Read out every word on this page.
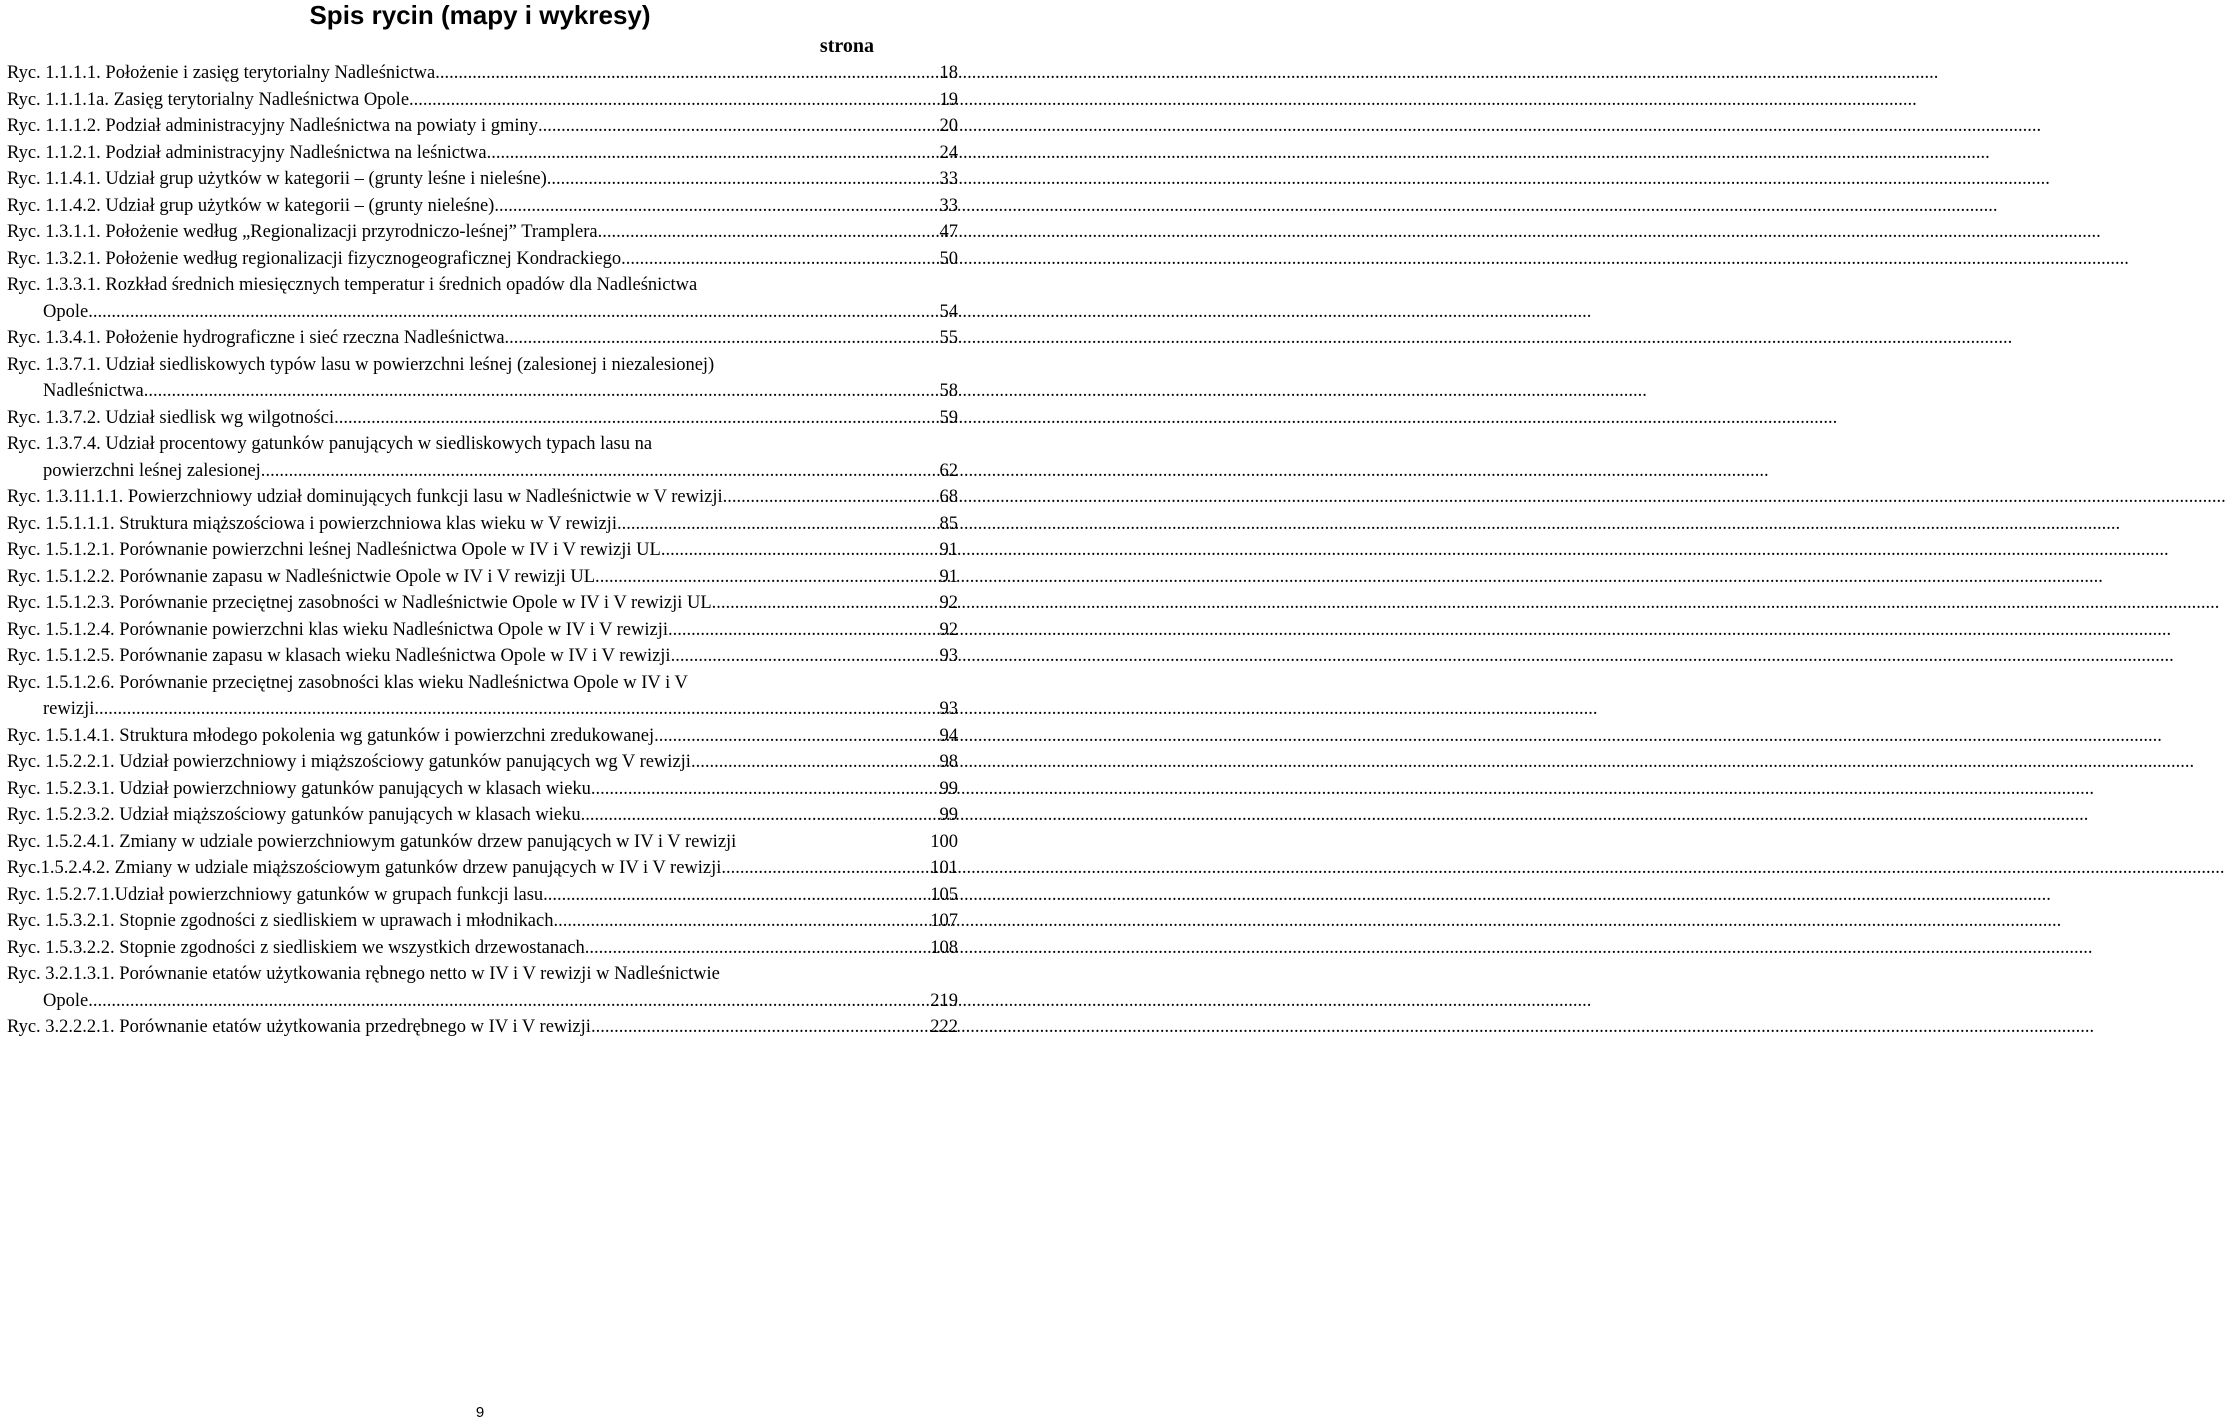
Spis rycin (mapy i wykresy)
strona
Ryc. 1.1.1.1. Położenie i zasięg terytorialny Nadleśnictwa .....	18
Ryc. 1.1.1.1a. Zasięg terytorialny Nadleśnictwa Opole. .....	19
Ryc. 1.1.1.2. Podział administracyjny Nadleśnictwa na powiaty i gminy .....	20
Ryc. 1.1.2.1. Podział administracyjny Nadleśnictwa na leśnictwa .....	24
Ryc. 1.1.4.1. Udział grup użytków w kategorii – (grunty leśne i nieleśne) .....	33
Ryc. 1.1.4.2. Udział grup użytków w kategorii – (grunty nieleśne) .....	33
Ryc. 1.3.1.1. Położenie według „Regionalizacji przyrodniczo-leśnej” Tramplera .....	47
Ryc. 1.3.2.1. Położenie według regionalizacji fizycznogeograficznej Kondrackiego. .....	50
Ryc. 1.3.3.1. Rozkład średnich miesięcznych temperatur i średnich opadów dla Nadleśnictwa
Opole .....	54
Ryc. 1.3.4.1. Położenie hydrograficzne i sieć rzeczna Nadleśnictwa. .....	55
Ryc. 1.3.7.1. Udział siedliskowych typów lasu w powierzchni leśnej (zalesionej i niezalesionej)
Nadleśnictwa .....	58
Ryc. 1.3.7.2. Udział siedlisk wg wilgotności .....	59
Ryc. 1.3.7.4. Udział procentowy gatunków panujących w siedliskowych typach lasu na
powierzchni leśnej zalesionej. .....	62
Ryc. 1.3.11.1.1. Powierzchniowy udział dominujących funkcji lasu w Nadleśnictwie w V rewizji .....	68
Ryc. 1.5.1.1.1. Struktura miąższościowa i powierzchniowa klas wieku w V rewizji .....	85
Ryc. 1.5.1.2.1. Porównanie powierzchni leśnej Nadleśnictwa Opole w IV i V rewizji UL. .....	91
Ryc. 1.5.1.2.2. Porównanie zapasu w Nadleśnictwie Opole w IV i V rewizji UL. .....	91
Ryc. 1.5.1.2.3. Porównanie przeciętnej zasobności w Nadleśnictwie Opole w IV i V rewizji UL. .....	92
Ryc. 1.5.1.2.4. Porównanie powierzchni klas wieku Nadleśnictwa Opole w IV i V rewizji .....	92
Ryc. 1.5.1.2.5. Porównanie zapasu w klasach wieku Nadleśnictwa Opole w IV i V rewizji .....	93
Ryc. 1.5.1.2.6. Porównanie przeciętnej zasobności klas wieku Nadleśnictwa Opole w IV i V
rewizji .....	93
Ryc. 1.5.1.4.1. Struktura młodego pokolenia wg gatunków i powierzchni zredukowanej. .....	94
Ryc. 1.5.2.2.1. Udział powierzchniowy i miąższościowy gatunków panujących wg V rewizji .....	98
Ryc. 1.5.2.3.1. Udział powierzchniowy gatunków panujących w klasach wieku .....	99
Ryc. 1.5.2.3.2. Udział miąższościowy gatunków panujących w klasach wieku. .....	99
Ryc. 1.5.2.4.1. Zmiany w udziale powierzchniowym gatunków drzew panujących w IV i V rewizji	100
Ryc.1.5.2.4.2. Zmiany w udziale miąższościowym gatunków drzew panujących w IV i V rewizji .....	101
Ryc. 1.5.2.7.1.Udział powierzchniowy gatunków w grupach funkcji lasu. .....	105
Ryc. 1.5.3.2.1. Stopnie zgodności z siedliskiem w uprawach i młodnikach. .....	107
Ryc. 1.5.3.2.2. Stopnie zgodności z siedliskiem we wszystkich drzewostanach. .....	108
Ryc. 3.2.1.3.1. Porównanie etatów użytkowania rębnego netto w IV i V rewizji w Nadleśnictwie
Opole .....	219
Ryc. 3.2.2.2.1. Porównanie etatów użytkowania przedrębnego w IV i V rewizji .....	222
9
